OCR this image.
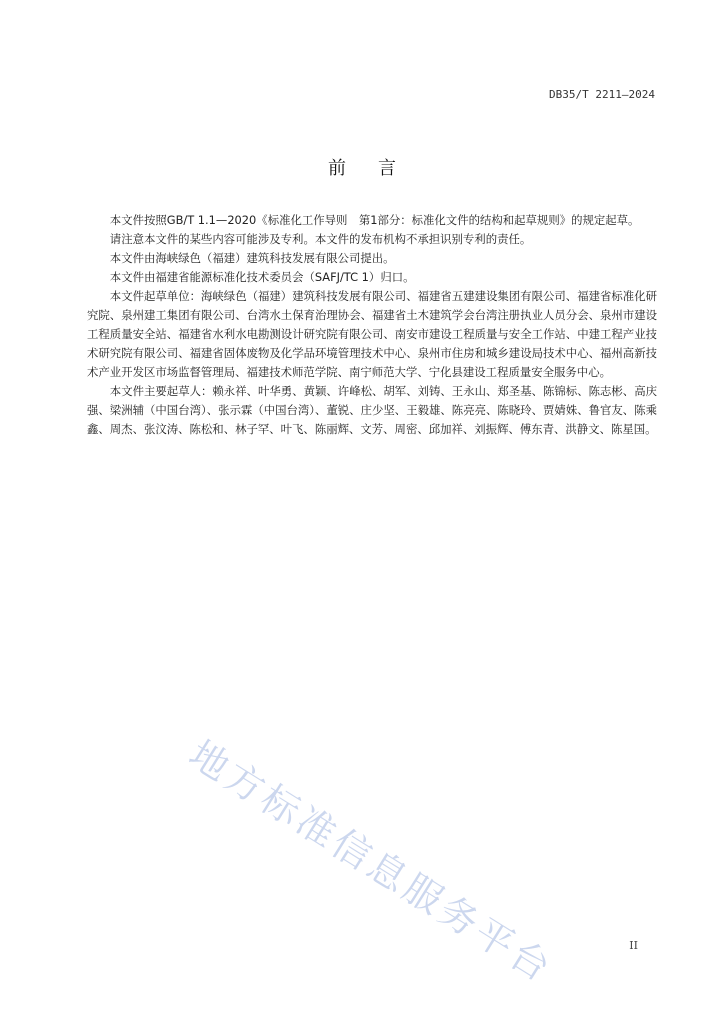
DB35/T 2211—2024
前 言

本文件按照GB/T 1.1—2020《标准化工作导则　第1部分：标准化文件的结构和起草规则》的规定起草。

请注意本文件的某些内容可能涉及专利。本文件的发布机构不承担识别专利的责任。

本文件由海峡绿色（福建）建筑科技发展有限公司提出。

本文件由福建省能源标准化技术委员会（SAFJ/TC 1）归口。

本文件起草单位：海峡绿色（福建）建筑科技发展有限公司、福建省五建建设集团有限公司、福建省标准化研究院、泉州建工集团有限公司、台湾水土保育治理协会、福建省土木建筑学会台湾注册执业人员分会、泉州市建设工程质量安全站、福建省水利水电勘测设计研究院有限公司、南安市建设工程质量与安全工作站、中建工程产业技术研究院有限公司、福建省固体废物及化学品环境管理技术中心、泉州市住房和城乡建设局技术中心、福州高新技术产业开发区市场监督管理局、福建技术师范学院、南宁师范大学、宁化县建设工程质量安全服务中心。

本文件主要起草人：赖永祥、叶华勇、黄颖、许峰松、胡军、刘铸、王永山、郑圣基、陈锦标、陈志彬、高庆强、梁洲辅（中国台湾）、张示霖（中国台湾）、董锐、庄少坚、王毅雄、陈亮亮、陈晓玲、贾婧姝、鲁官友、陈乘鑫、周杰、张汶涛、陈松和、林子罕、叶飞、陈丽辉、文芳、周密、邱加祥、刘振辉、傅东青、洪静文、陈星国。

地方标准信息服务平台	II
